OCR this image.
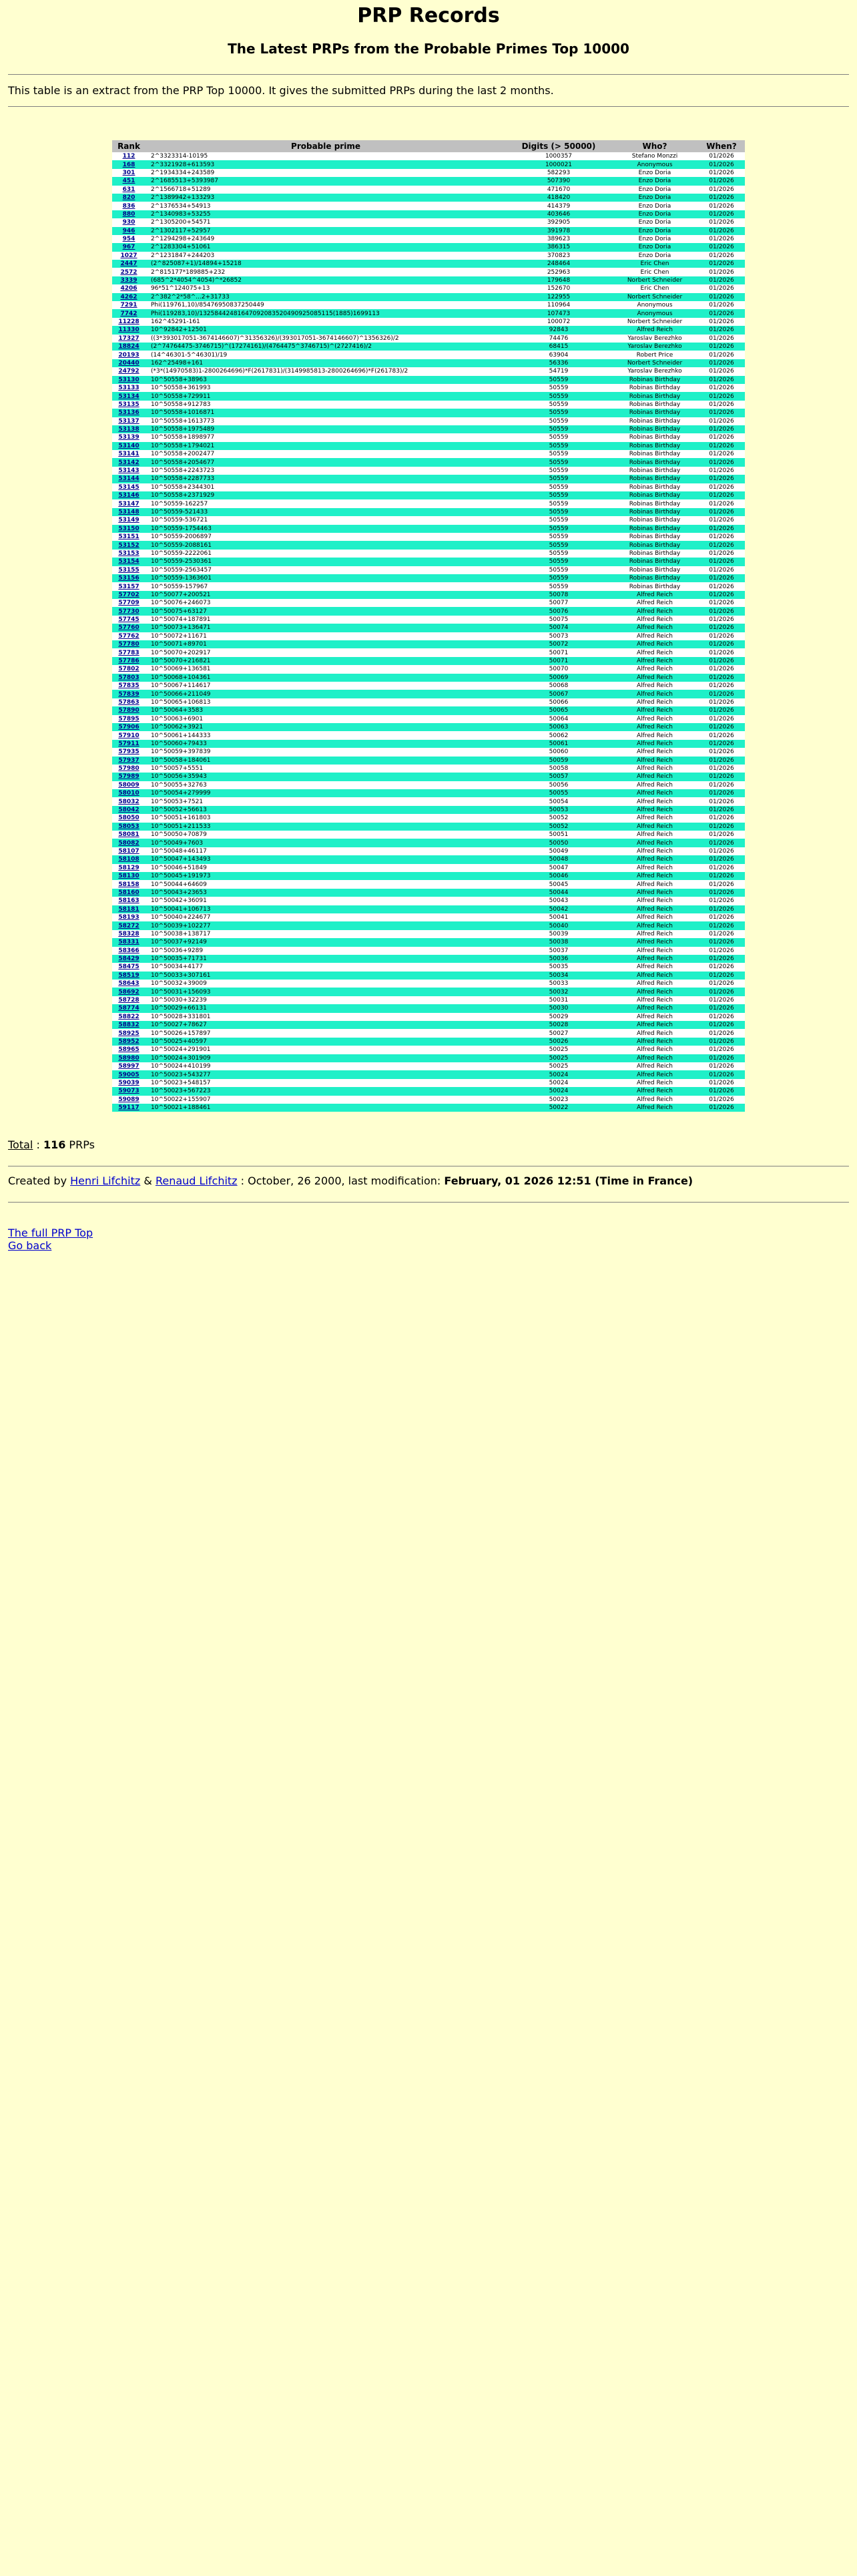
PRP Records
The Latest PRPs from the Probable Primes Top 10000

This table is an extract from the PRP Top 10000. It gives the submitted PRPs during the last 2 months.

Rank	Probable prime	Digits (> 50000)	Who?	When?
112	2^3323314-10195	1000357	Stefano Monzzi	01/2026
168	2^3321928+613593	1000021	Anonymous	01/2026
301	2^1934334+243589	582293	Enzo Doria	01/2026
451	2^1685513+5393987	507390	Enzo Doria	01/2026
631	2^1566718+51289	471670	Enzo Doria	01/2026
820	2^1389942+133293	418420	Enzo Doria	01/2026
836	2^1376534+54913	414379	Enzo Doria	01/2026
880	2^1340983+53255	403646	Enzo Doria	01/2026
930	2^1305200+54571	392905	Enzo Doria	01/2026
946	2^1302117+52957	391978	Enzo Doria	01/2026
954	2^1294298+243649	389623	Enzo Doria	01/2026
967	2^1283304+51061	386315	Enzo Doria	01/2026
1027	2^1231847+244203	370823	Enzo Doria	01/2026
2447	(2^825087+1)/14894+15218	248464	Eric Chen	01/2026
2572	2^815177*189885+232	252963	Eric Chen	01/2026
3339	(685^2*4054^4054)^*26852	179648	Norbert Schneider	01/2026
4206	96*51^124075+13	152670	Eric Chen	01/2026
4262	2^382^2*58^...2+31733	122955	Norbert Schneider	01/2026
7291	Phi(119761,10)/85476950837250449	110964	Anonymous	01/2026
7742	Phi(119283,10)/13258442481647092083520490925085115(1885)1699113	107473	Anonymous	01/2026
11228	162^45291-161	100072	Norbert Schneider	01/2026
11330	10^92842+12501	92843	Alfred Reich	01/2026
17327	((3*393017051-3674146607)^31356326)/(393017051-3674146607)^1356326)/2	74476	Yaroslav Berezhko	01/2026
18824	(2^74764475-3746715)^(17274161)/(4764475^3746715)^(2727416)/2	68415	Yaroslav Berezhko	01/2026
20193	(14^46301-5^46301)/19	63904	Robert Price	01/2026
20440	162^25498+161	56336	Norbert Schneider	01/2026
24792	(*3*(14970583)1-2800264696)*F(2617831)/(3149985813-2800264696)*F(261783)/2	54719	Yaroslav Berezhko	01/2026
53130	10^50558+38963	50559	Robinas Birthday	01/2026
53133	10^50558+361993	50559	Robinas Birthday	01/2026
53134	10^50558+729911	50559	Robinas Birthday	01/2026
53135	10^50558+912783	50559	Robinas Birthday	01/2026
53136	10^50558+1016871	50559	Robinas Birthday	01/2026
53137	10^50558+1613773	50559	Robinas Birthday	01/2026
53138	10^50558+1975489	50559	Robinas Birthday	01/2026
53139	10^50558+1898977	50559	Robinas Birthday	01/2026
53140	10^50558+1794021	50559	Robinas Birthday	01/2026
53141	10^50558+2002477	50559	Robinas Birthday	01/2026
53142	10^50558+2054677	50559	Robinas Birthday	01/2026
53143	10^50558+2243723	50559	Robinas Birthday	01/2026
53144	10^50558+2287733	50559	Robinas Birthday	01/2026
53145	10^50558+2344301	50559	Robinas Birthday	01/2026
53146	10^50558+2371929	50559	Robinas Birthday	01/2026
53147	10^50559-162257	50559	Robinas Birthday	01/2026
53148	10^50559-521433	50559	Robinas Birthday	01/2026
53149	10^50559-536721	50559	Robinas Birthday	01/2026
53150	10^50559-1754463	50559	Robinas Birthday	01/2026
53151	10^50559-2006897	50559	Robinas Birthday	01/2026
53152	10^50559-2088161	50559	Robinas Birthday	01/2026
53153	10^50559-2222061	50559	Robinas Birthday	01/2026
53154	10^50559-2530361	50559	Robinas Birthday	01/2026
53155	10^50559-2563457	50559	Robinas Birthday	01/2026
53156	10^50559-1363601	50559	Robinas Birthday	01/2026
53157	10^50559-157967	50559	Robinas Birthday	01/2026
57702	10^50077+200521	50078	Alfred Reich	01/2026
57709	10^50076+246073	50077	Alfred Reich	01/2026
57730	10^50075+63127	50076	Alfred Reich	01/2026
57745	10^50074+187891	50075	Alfred Reich	01/2026
57760	10^50073+136471	50074	Alfred Reich	01/2026
57762	10^50072+11671	50073	Alfred Reich	01/2026
57780	10^50071+89701	50072	Alfred Reich	01/2026
57783	10^50070+202917	50071	Alfred Reich	01/2026
57786	10^50070+216821	50071	Alfred Reich	01/2026
57802	10^50069+136581	50070	Alfred Reich	01/2026
57803	10^50068+104361	50069	Alfred Reich	01/2026
57835	10^50067+114617	50068	Alfred Reich	01/2026
57839	10^50066+211049	50067	Alfred Reich	01/2026
57863	10^50065+106813	50066	Alfred Reich	01/2026
57890	10^50064+3583	50065	Alfred Reich	01/2026
57895	10^50063+6901	50064	Alfred Reich	01/2026
57906	10^50062+3921	50063	Alfred Reich	01/2026
57910	10^50061+144333	50062	Alfred Reich	01/2026
57911	10^50060+79433	50061	Alfred Reich	01/2026
57935	10^50059+397839	50060	Alfred Reich	01/2026
57937	10^50058+184061	50059	Alfred Reich	01/2026
57980	10^50057+5551	50058	Alfred Reich	01/2026
57989	10^50056+35943	50057	Alfred Reich	01/2026
58009	10^50055+32763	50056	Alfred Reich	01/2026
58010	10^50054+279999	50055	Alfred Reich	01/2026
58032	10^50053+7521	50054	Alfred Reich	01/2026
58042	10^50052+56613	50053	Alfred Reich	01/2026
58050	10^50051+161803	50052	Alfred Reich	01/2026
58053	10^50051+211533	50052	Alfred Reich	01/2026
58081	10^50050+70879	50051	Alfred Reich	01/2026
58082	10^50049+7603	50050	Alfred Reich	01/2026
58107	10^50048+46117	50049	Alfred Reich	01/2026
58108	10^50047+143493	50048	Alfred Reich	01/2026
58129	10^50046+51849	50047	Alfred Reich	01/2026
58130	10^50045+191973	50046	Alfred Reich	01/2026
58158	10^50044+64609	50045	Alfred Reich	01/2026
58160	10^50043+23653	50044	Alfred Reich	01/2026
58163	10^50042+36091	50043	Alfred Reich	01/2026
58181	10^50041+106713	50042	Alfred Reich	01/2026
58193	10^50040+224677	50041	Alfred Reich	01/2026
58272	10^50039+102277	50040	Alfred Reich	01/2026
58328	10^50038+138717	50039	Alfred Reich	01/2026
58331	10^50037+92149	50038	Alfred Reich	01/2026
58366	10^50036+9289	50037	Alfred Reich	01/2026
58429	10^50035+71731	50036	Alfred Reich	01/2026
58475	10^50034+4177	50035	Alfred Reich	01/2026
58519	10^50033+307161	50034	Alfred Reich	01/2026
58643	10^50032+39009	50033	Alfred Reich	01/2026
58692	10^50031+156093	50032	Alfred Reich	01/2026
58728	10^50030+32239	50031	Alfred Reich	01/2026
58774	10^50029+66131	50030	Alfred Reich	01/2026
58822	10^50028+331801	50029	Alfred Reich	01/2026
58832	10^50027+78627	50028	Alfred Reich	01/2026
58925	10^50026+157897	50027	Alfred Reich	01/2026
58952	10^50025+40597	50026	Alfred Reich	01/2026
58965	10^50024+291901	50025	Alfred Reich	01/2026
58980	10^50024+301909	50025	Alfred Reich	01/2026
58997	10^50024+410199	50025	Alfred Reich	01/2026
59005	10^50023+543277	50024	Alfred Reich	01/2026
59039	10^50023+548157	50024	Alfred Reich	01/2026
59073	10^50023+567223	50024	Alfred Reich	01/2026
59089	10^50022+155907	50023	Alfred Reich	01/2026
59117	10^50021+188461	50022	Alfred Reich	01/2026

Total : 116 PRPs

Created by Henri Lifchitz & Renaud Lifchitz : October, 26 2000, last modification: February, 01 2026 12:51 (Time in France)

The full PRP Top
Go back
